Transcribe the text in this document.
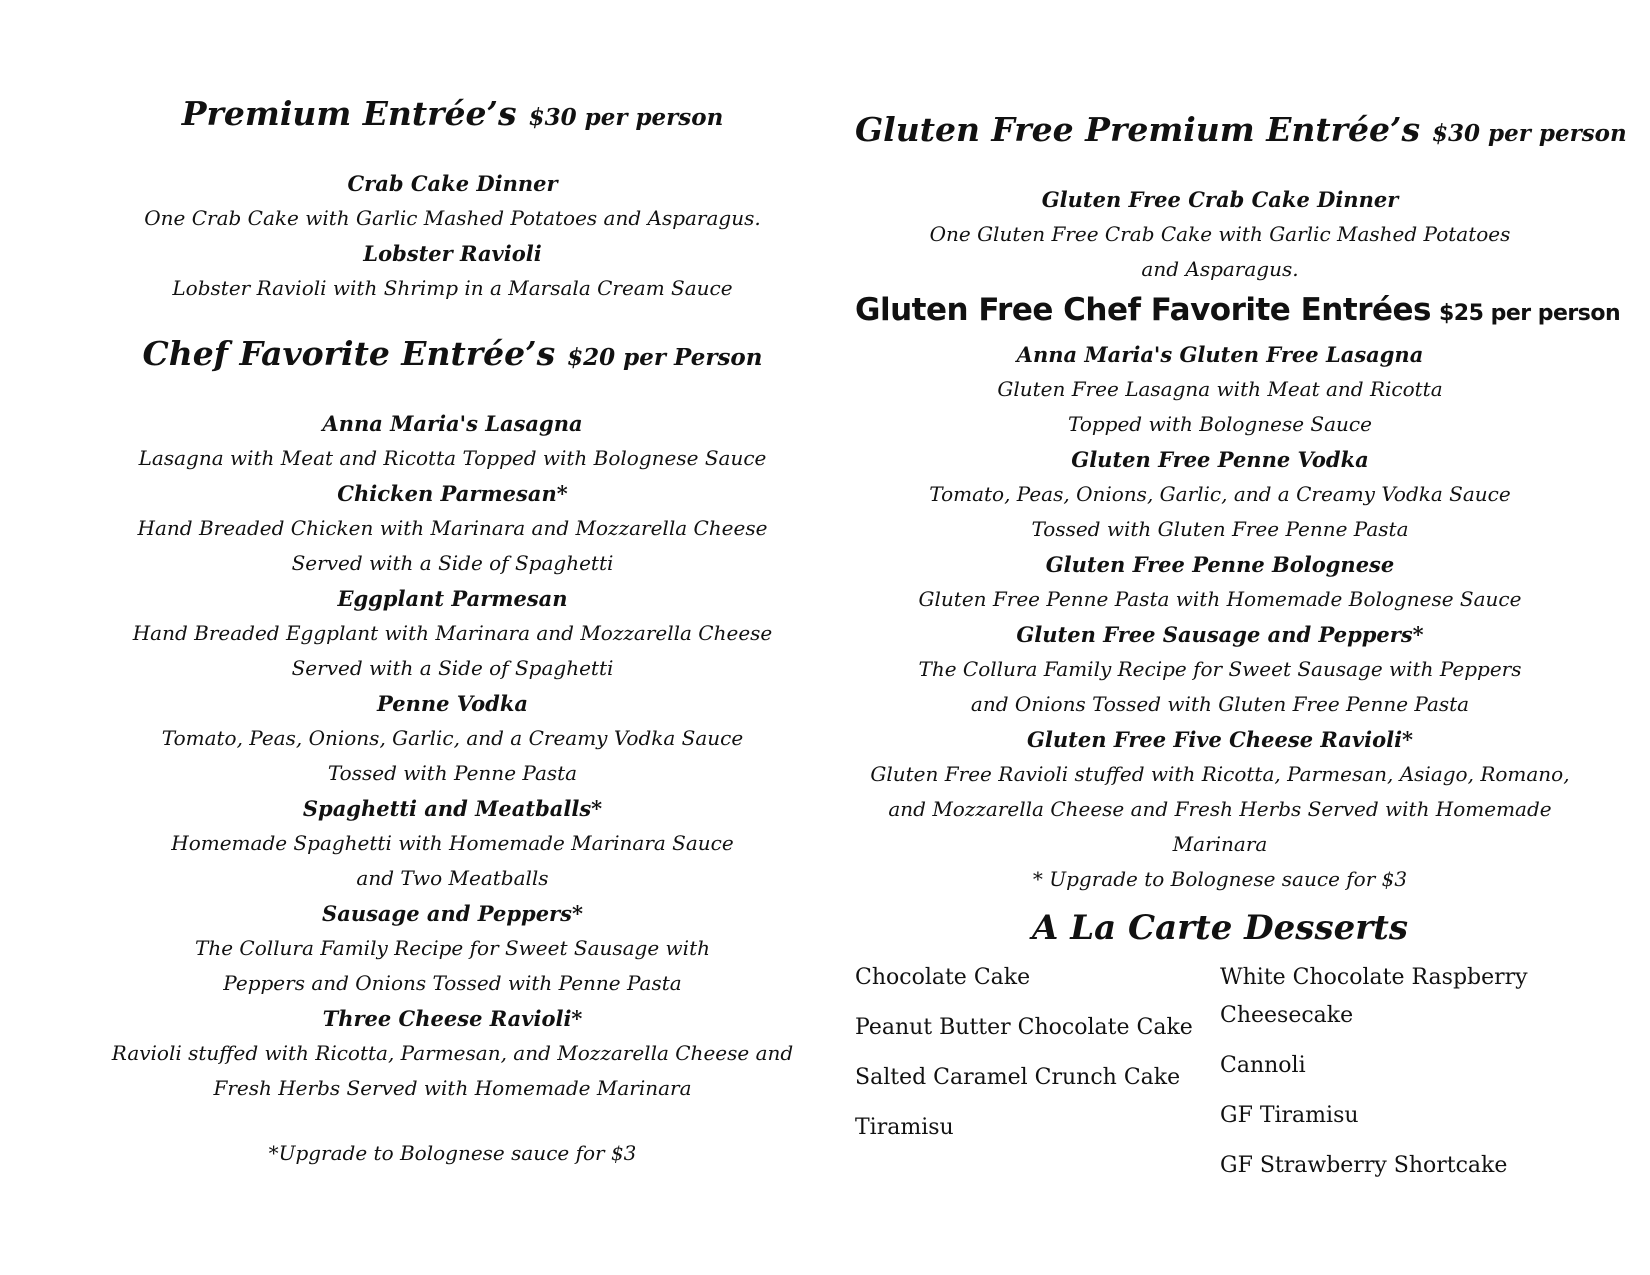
Premium Entrée’s $30 per person
Crab Cake Dinner
One Crab Cake with Garlic Mashed Potatoes and Asparagus.
Lobster Ravioli
Lobster Ravioli with Shrimp in a Marsala Cream Sauce
Chef Favorite Entrée’s $20 per Person
Anna Maria's Lasagna
Lasagna with Meat and Ricotta Topped with Bolognese Sauce
Chicken Parmesan*
Hand Breaded Chicken with Marinara and Mozzarella Cheese
Served with a Side of Spaghetti
Eggplant Parmesan
Hand Breaded Eggplant with Marinara and Mozzarella Cheese
Served with a Side of Spaghetti
Penne Vodka
Tomato, Peas, Onions, Garlic, and a Creamy Vodka Sauce
Tossed with Penne Pasta
Spaghetti and Meatballs*
Homemade Spaghetti with Homemade Marinara Sauce
and Two Meatballs
Sausage and Peppers*
The Collura Family Recipe for Sweet Sausage with
Peppers and Onions Tossed with Penne Pasta
Three Cheese Ravioli*
Ravioli stuffed with Ricotta, Parmesan, and Mozzarella Cheese and
Fresh Herbs Served with Homemade Marinara
*Upgrade to Bolognese sauce for $3
Gluten Free Premium Entrée’s $30 per person
Gluten Free Crab Cake Dinner
One Gluten Free Crab Cake with Garlic Mashed Potatoes
and Asparagus.
Gluten Free Chef Favorite Entrées $25 per person
Anna Maria's Gluten Free Lasagna
Gluten Free Lasagna with Meat and Ricotta
Topped with Bolognese Sauce
Gluten Free Penne Vodka
Tomato, Peas, Onions, Garlic, and a Creamy Vodka Sauce
Tossed with Gluten Free Penne Pasta
Gluten Free Penne Bolognese
Gluten Free Penne Pasta with Homemade Bolognese Sauce
Gluten Free Sausage and Peppers*
The Collura Family Recipe for Sweet Sausage with Peppers
and Onions Tossed with Gluten Free Penne Pasta
Gluten Free Five Cheese Ravioli*
Gluten Free Ravioli stuffed with Ricotta, Parmesan, Asiago, Romano,
and Mozzarella Cheese and Fresh Herbs Served with Homemade
Marinara
* Upgrade to Bolognese sauce for $3
A La Carte Desserts
Chocolate Cake
Peanut Butter Chocolate Cake
Salted Caramel Crunch Cake
Tiramisu
White Chocolate Raspberry Cheesecake
Cannoli
GF Tiramisu
GF Strawberry Shortcake
